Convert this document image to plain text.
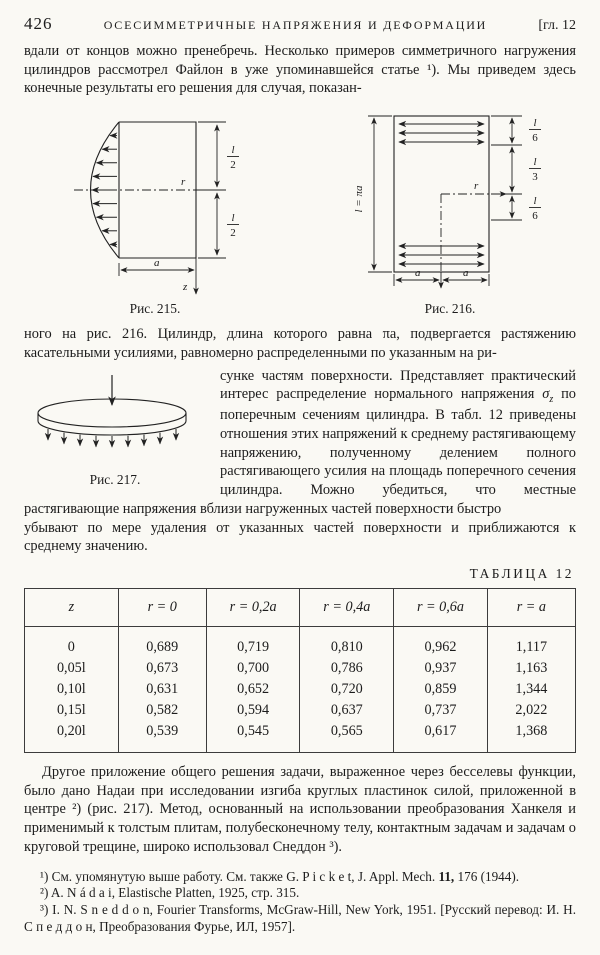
426	ОСЕСИММЕТРИЧНЫЕ НАПРЯЖЕНИЯ И ДЕФОРМАЦИИ	[гл. 12

вдали от концов можно пренебречь. Несколько примеров симметричного нагружения цилиндров рассмотрел Файлон в уже упоминавшейся статье ¹). Мы приведем здесь конечные результаты его решения для случая, показан-

l
2
l
2
r
a
z
Рис. 215.
l = πa
l
6
l
3
l
6
r
a	a
Рис. 216.

ного на рис. 216. Цилиндр, длина которого равна πa, подвергается растяжению касательными усилиями, равномерно распределенными по указанным на ри-

Рис. 217.

сунке частям поверхности. Представляет практический интерес распределение нормального напряжения $\sigma_z$ по поперечным сечениям цилиндра. В табл. 12 приведены отношения этих напряжений к среднему растягивающему напряжению, полученному делением полного растягивающего усилия на площадь поперечного сечения цилиндра. Можно убедиться, что местные растягивающие напряжения вблизи нагруженных частей поверхности быстро

убывают по мере удаления от указанных частей поверхности и приближаются к среднему значению.

ТАБЛИЦА 12
z	r = 0	r = 0,2a	r = 0,4a	r = 0,6a	r = a
0	0,689	0,719	0,810	0,962	1,117
0,05l	0,673	0,700	0,786	0,937	1,163
0,10l	0,631	0,652	0,720	0,859	1,344
0,15l	0,582	0,594	0,637	0,737	2,022
0,20l	0,539	0,545	0,565	0,617	1,368

Другое приложение общего решения задачи, выраженное через бесселевы функции, было дано Надаи при исследовании изгиба круглых пластинок силой, приложенной в центре ²) (рис. 217). Метод, основанный на использовании преобразования Ханкеля и применимый к толстым плитам, полубесконечному телу, контактным задачам и задачам о круговой трещине, широко использовал Снеддон ³).

¹) См. упомянутую выше работу. См. также G. P i c k e t, J. Appl. Mech. 11, 176 (1944).

²) A. N á d a i, Elastische Platten, 1925, стр. 315.

³) I. N. S n e d d o n, Fourier Transforms, McGraw-Hill, New York, 1951. [Русский перевод: И. Н. С п е д д о н, Преобразования Фурье, ИЛ, 1957].
